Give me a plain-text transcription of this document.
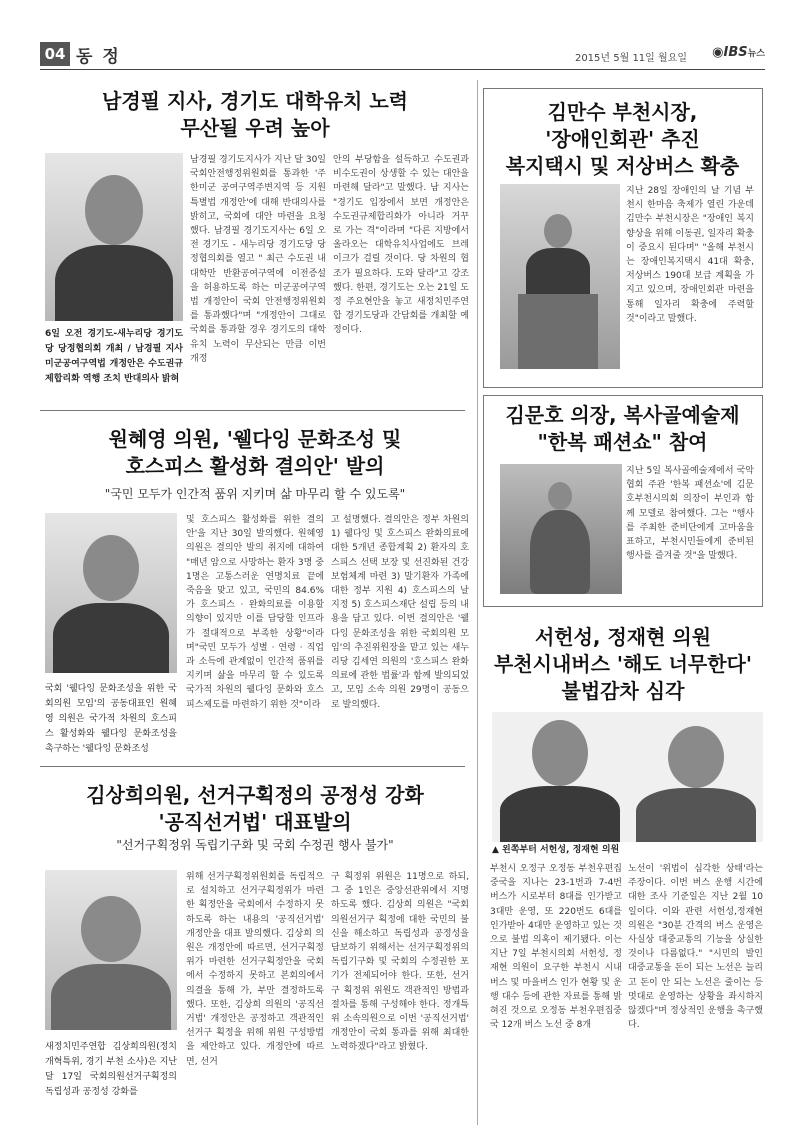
04 동 정	2015년 5월 11일 월요일 ◉IBS뉴스
남경필 지사, 경기도 대학유치 노력
무산될 우려 높아
6일 오전 경기도-새누리당 경기도당 당정협의회 개최 / 남경필 지사 미군공여구역법 개정안은 수도권규제합리화 역행 조치 반대의사 밝혀
남경필 경기도지사가 지난 달 30일 국회안전행정위원회를 통과한 '주한미군 공여구역주변지역 등 지원 특별법 개정안'에 대해 반대의사를 밝히고, 국회에 대안 마련을 요청했다. 남경필 경기도지사는 6일 오전 경기도 - 새누리당 경기도당 당정협의회를 열고 " 최근 수도권 내 대학만 반환공여구역에 이전증설을 허용하도록 하는 미군공여구역법 개정안이 국회 안전행정위원회를 통과했다"며 "개정안이 그대로 국회를 통과할 경우 경기도의 대학유치 노력이 무산되는 만큼 이번 개정
안의 부당함을 설득하고 수도권과 비수도권이 상생할 수 있는 대안을 마련해 달라"고 말했다. 남 지사는 "경기도 입장에서 보면 개정안은 수도권규제합리화가 아니라 거꾸로 가는 격"이라며 "다른 지방에서 올라오는 대학유치사업에도 브레이크가 걸릴 것이다. 당 차원의 협조가 필요하다. 도와 달라"고 강조했다. 한편, 경기도는 오는 21일 도정 주요현안을 놓고 새정치민주연합 경기도당과 간담회를 개최할 예정이다.
원혜영 의원, '웰다잉 문화조성 및
호스피스 활성화 결의안' 발의
"국민 모두가 인간적 품위 지키며 삶 마무리 할 수 있도록"
국회 '웰다잉 문화조성을 위한 국회의원 모임'의 공동대표인 원혜영 의원은 국가적 차원의 호스피스 활성화와 웰다잉 문화조성을 촉구하는 '웰다잉 문화조성
및 호스피스 활성화를 위한 결의안'을 지난 30일 발의했다. 원혜영 의원은 결의안 발의 취지에 대하여 "매년 암으로 사망하는 환자 3명 중 1명은 고통스러운 연명치료 끝에 죽음을 맞고 있고, 국민의 84.6%가 호스피스 · 완화의료를 이용할 의향이 있지만 이를 담당할 인프라가 절대적으로 부족한 상황"이라며"국민 모두가 성별 · 연령 · 직업과 소득에 관계없이 인간적 품위를 지키며 삶을 마무리 할 수 있도록 국가적 차원의 웰다잉 문화와 호스피스제도를 마련하기 위한 것"이라
고 설명했다. 결의안은 정부 차원의 1) 웰다잉 및 호스피스 완화의료에 대한 5개년 종합계획 2) 환자의 호스피스 선택 보장 및 선진화된 건강보험체계 마련 3) 말기환자 가족에 대한 정부 지원 4) 호스피스의 날 지정 5) 호스피스재단 설립 등의 내용을 담고 있다. 이번 결의안은 '웰다잉 문화조성을 위한 국회의원 모임'의 추진위원장을 맡고 있는 새누리당 김세연 의원의 '호스피스 완화의료에 관한 법률'과 함께 발의되었고, 모임 소속 의원 29명이 공동으로 발의했다.
김상희의원, 선거구획정의 공정성 강화
'공직선거법' 대표발의
"선거구획정위 독립기구화 및 국회 수정권 행사 불가"
새정치민주연합 김상희의원(정치개혁특위, 경기 부천 소사)은 지난달 17일 국회의원선거구획정의 독립성과 공정성 강화를
위해 선거구획정위원회를 독립적으로 설치하고 선거구획정위가 마련한 획정안을 국회에서 수정하지 못하도록 하는 내용의 '공직선거법' 개정안을 대표 발의했다. 김상희 의원은 개정안에 따르면, 선거구획정위가 마련한 선거구획정안을 국회에서 수정하지 못하고 본회의에서 의결을 통해 가, 부만 결정하도록 했다. 또한, 김상희 의원의 '공직선거법' 개정안은 공정하고 객관적인 선거구 획정을 위해 위원 구성방법을 제안하고 있다. 개정안에 따르면, 선거
구 획정위 위원은 11명으로 하되, 그 중 1인은 중앙선관위에서 지명하도록 했다. 김상희 의원은 "국회의원선거구 획정에 대한 국민의 불신을 해소하고 독립성과 공정성을 담보하기 위해서는 선거구획정위의 독립기구화 및 국회의 수정권한 포기가 전제되어야 한다. 또한, 선거구 획정위 위원도 객관적인 방법과 절차를 통해 구성해야 한다. 정개특위 소속의원으로 이번 '공직선거법' 개정안이 국회 통과를 위해 최대한 노력하겠다"라고 밝혔다.
김만수 부천시장,
'장애인회관' 추진
복지택시 및 저상버스 확충
지난 28일 장애인의 날 기념 부천시 한마음 축제가 열린 가운데 김만수 부천시장은 "장애인 복지향상을 위해 이동권, 일자리 확충이 중요시 된다며" "올해 부천시는 장애인복지택시 41대 확충, 저상버스 190대 보급 계획을 가지고 있으며, 장애인회관 마련을 통해 일자리 확충에 주력할 것"이라고 말했다.
김문호 의장, 복사골예술제
"한복 패션쇼" 참여
지난 5일 복사골예술제에서 국악협회 주관 '한복 패션쇼'에 김문호부천시의회 의장이 부인과 함께 모델로 참여했다. 그는 "행사를 주최한 준비단에게 고마움을 표하고, 부천시민들에게 준비된 행사를 즐겨줄 것"을 말했다.
서헌성, 정재현 의원
부천시내버스 '해도 너무한다'
불법감차 심각
▲ 왼쪽부터 서헌성, 정재현 의원
부천시 오정구 오정동 부천우편집중국을 지나는 23-1번과 7-4번 버스가 시로부터 8대를 인가받고 3대만 운영, 또 220번도 6대를 인가받아 4대만 운영하고 있는 것으로 불법 의혹이 제기됐다. 이는 지난 7일 부천시의회 서헌성, 정재현 의원이 요구한 부천시 시내버스 및 마을버스 인가 현황 및 운행 대수 등에 관한 자료를 통해 밝혀진 것으로 오정동 부천우편집중국 12개 버스 노선 중 8개
노선이 '위법이 심각한 상태'라는 주장이다. 이번 버스 운행 시간에 대한 조사 기준일은 지난 2월 10일이다. 이와 관련 서헌성,정재현 의원은 "30분 간격의 버스 운영은 사실상 대중교통의 기능을 상실한 것이나 다름없다." "시민의 발인 대중교통을 돈이 되는 노선은 늘리고 돈이 안 되는 노선은 줄이는 등 멋대로 운영하는 상황을 좌시하지 않겠다"며 정상적인 운행을 촉구했다.
